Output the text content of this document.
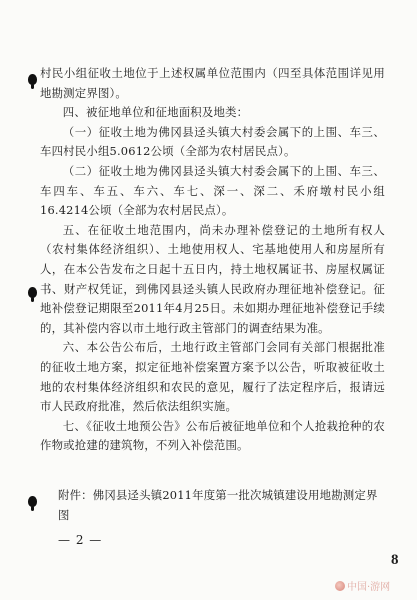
村民小组征收土地位于上述权属单位范围内（四至具体范围详见用地勘测定界图）。

四、被征地单位和征地面积及地类：

（一）征收土地为佛冈县迳头镇大村委会属下的上围、车三、车四村民小组5.0612公顷（全部为农村居民点）。

（二）征收土地为佛冈县迳头镇大村委会属下的上围、车三、车四车、车五、车六、车七、深一、深二、禾府墩村民小组16.4214公顷（全部为农村居民点）。

五、在征收土地范围内，尚未办理补偿登记的土地所有权人（农村集体经济组织）、土地使用权人、宅基地使用人和房屋所有人，在本公告发布之日起十五日内，持土地权属证书、房屋权属证书、财产权凭证，到佛冈县迳头镇人民政府办理征地补偿登记。征地补偿登记期限至2011年4月25日。未如期办理征地补偿登记手续的，其补偿内容以市土地行政主管部门的调查结果为准。

六、本公告公布后，土地行政主管部门会同有关部门根据批准的征收土地方案，拟定征地补偿案置方案予以公告，听取被征收土地的农村集体经济组织和农民的意见，履行了法定程序后，报请远市人民政府批准，然后依法组织实施。

七、《征收土地预公告》公布后被征地单位和个人抢栽抢种的农作物或抢建的建筑物，不列入补偿范围。

附件：佛冈县迳头镇2011年度第一批次城镇建设用地勘测定界图
— 2 —
8
中国·游网
